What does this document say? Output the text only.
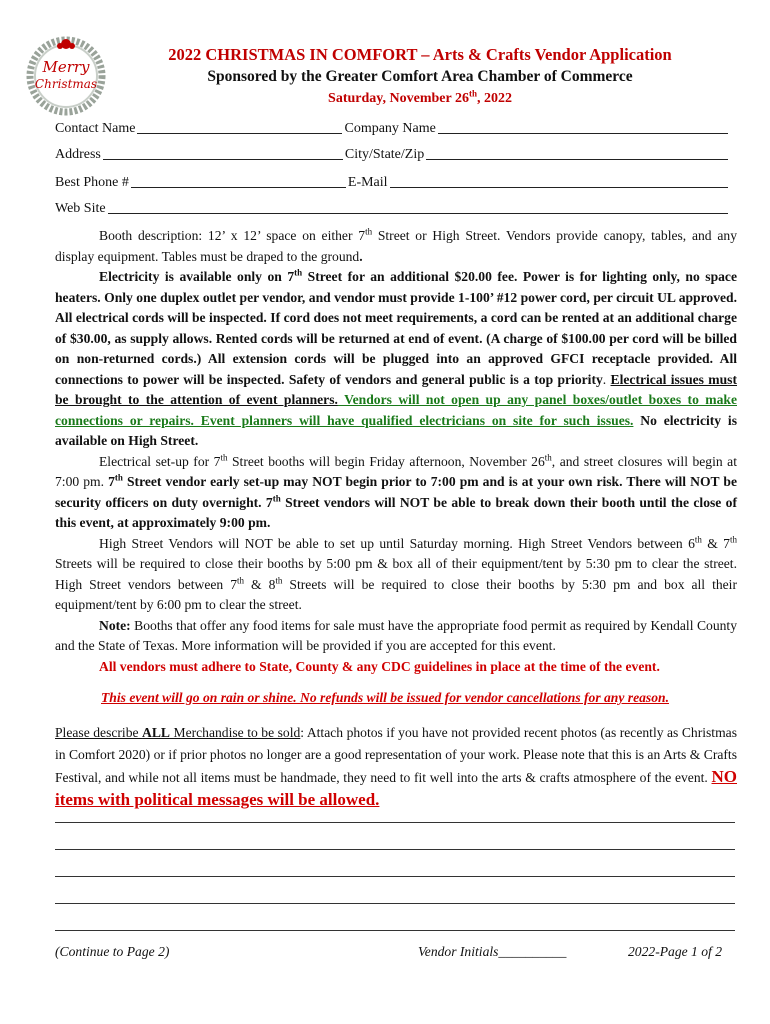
Merry
Christmas
2022 CHRISTMAS IN COMFORT – Arts & Crafts Vendor Application
Sponsored by the Greater Comfort Area Chamber of Commerce
Saturday, November 26th, 2022
Contact Name	Company Name
Address	City/State/Zip
Best Phone #	E-Mail
Web Site

Booth description: 12’ x 12’ space on either 7th Street or High Street. Vendors provide canopy, tables, and any display equipment. Tables must be draped to the ground.

Electricity is available only on 7th Street for an additional $20.00 fee. Power is for lighting only, no space heaters. Only one duplex outlet per vendor, and vendor must provide 1-100’ #12 power cord, per circuit UL approved. All electrical cords will be inspected. If cord does not meet requirements, a cord can be rented at an additional charge of $30.00, as supply allows. Rented cords will be returned at end of event. (A charge of $100.00 per cord will be billed on non-returned cords.) All extension cords will be plugged into an approved GFCI receptacle provided. All connections to power will be inspected. Safety of vendors and general public is a top priority. Electrical issues must be brought to the attention of event planners. Vendors will not open up any panel boxes/outlet boxes to make connections or repairs. Event planners will have qualified electricians on site for such issues. No electricity is available on High Street.

Electrical set-up for 7th Street booths will begin Friday afternoon, November 26th, and street closures will begin at 7:00 pm. 7th Street vendor early set-up may NOT begin prior to 7:00 pm and is at your own risk. There will NOT be security officers on duty overnight. 7th Street vendors will NOT be able to break down their booth until the close of this event, at approximately 9:00 pm.

High Street Vendors will NOT be able to set up until Saturday morning. High Street Vendors between 6th & 7th Streets will be required to close their booths by 5:00 pm & box all of their equipment/tent by 5:30 pm to clear the street. High Street vendors between 7th & 8th Streets will be required to close their booths by 5:30 pm and box all their equipment/tent by 6:00 pm to clear the street.

Note: Booths that offer any food items for sale must have the appropriate food permit as required by Kendall County and the State of Texas. More information will be provided if you are accepted for this event.

All vendors must adhere to State, County & any CDC guidelines in place at the time of the event.

This event will go on rain or shine. No refunds will be issued for vendor cancellations for any reason.

Please describe ALL Merchandise to be sold: Attach photos if you have not provided recent photos (as recently as Christmas in Comfort 2020) or if prior photos no longer are a good representation of your work. Please note that this is an Arts & Crafts Festival, and while not all items must be handmade, they need to fit well into the arts & crafts atmosphere of the event. NO items with political messages will be allowed.

(Continue to Page 2)	Vendor Initials__________	2022-Page 1 of 2
